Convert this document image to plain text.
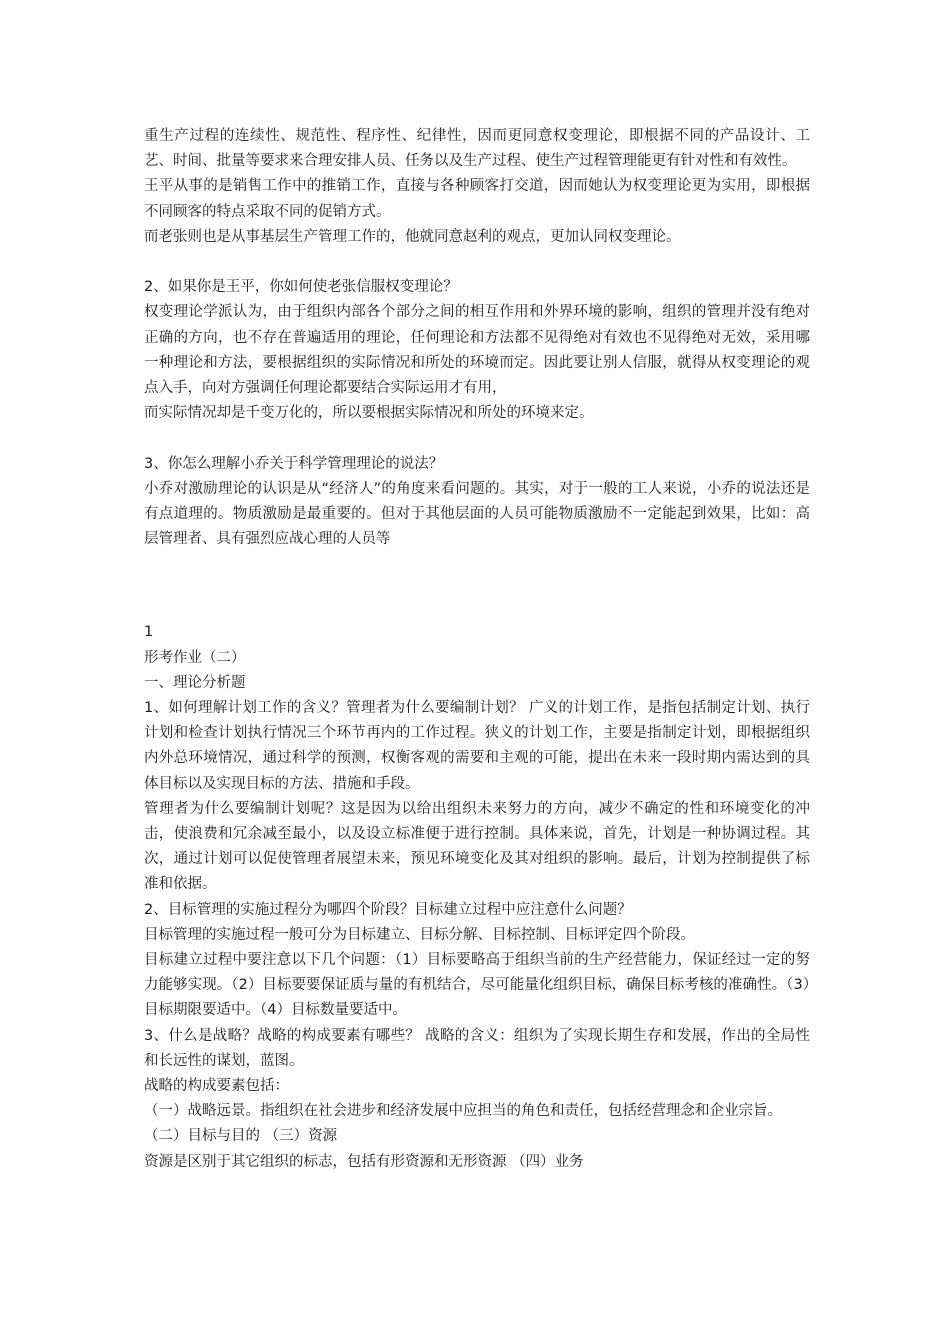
重生产过程的连续性、规范性、程序性、纪律性，因而更同意权变理论，即根据不同的产品设计、工艺、时间、批量等要求来合理安排人员、任务以及生产过程、使生产过程管理能更有针对性和有效性。

王平从事的是销售工作中的推销工作，直接与各种顾客打交道，因而她认为权变理论更为实用，即根据不同顾客的特点采取不同的促销方式。

而老张则也是从事基层生产管理工作的，他就同意赵利的观点，更加认同权变理论。

2、如果你是王平，你如何使老张信服权变理论？

权变理论学派认为，由于组织内部各个部分之间的相互作用和外界环境的影响，组织的管理并没有绝对正确的方向，也不存在普遍适用的理论，任何理论和方法都不见得绝对有效也不见得绝对无效，采用哪一种理论和方法，要根据组织的实际情况和所处的环境而定。因此要让别人信服，就得从权变理论的观点入手，向对方强调任何理论都要结合实际运用才有用，

而实际情况却是千变万化的，所以要根据实际情况和所处的环境来定。

3、你怎么理解小乔关于科学管理理论的说法？

小乔对激励理论的认识是从“经济人”的角度来看问题的。其实，对于一般的工人来说，小乔的说法还是有点道理的。物质激励是最重要的。但对于其他层面的人员可能物质激励不一定能起到效果，比如：高层管理者、具有强烈应战心理的人员等

1

形考作业（二）

一、理论分析题

1、如何理解计划工作的含义？管理者为什么要编制计划？ 广义的计划工作，是指包括制定计划、执行计划和检查计划执行情况三个环节再内的工作过程。狭义的计划工作，主要是指制定计划，即根据组织内外总环境情况，通过科学的预测，权衡客观的需要和主观的可能，提出在未来一段时期内需达到的具体目标以及实现目标的方法、措施和手段。

管理者为什么要编制计划呢？这是因为以给出组织未来努力的方向，减少不确定的性和环境变化的冲击，使浪费和冗余减至最小，以及设立标准便于进行控制。具体来说，首先，计划是一种协调过程。其次，通过计划可以促使管理者展望未来，预见环境变化及其对组织的影响。最后，计划为控制提供了标准和依据。

2、目标管理的实施过程分为哪四个阶段？目标建立过程中应注意什么问题？

目标管理的实施过程一般可分为目标建立、目标分解、目标控制、目标评定四个阶段。

目标建立过程中要注意以下几个问题：（1）目标要略高于组织当前的生产经营能力，保证经过一定的努力能够实现。（2）目标要要保证质与量的有机结合，尽可能量化组织目标，确保目标考核的准确性。（3）目标期限要适中。（4）目标数量要适中。

3、什么是战略？战略的构成要素有哪些？ 战略的含义：组织为了实现长期生存和发展，作出的全局性和长远性的谋划，蓝图。

战略的构成要素包括：

（一）战略远景。指组织在社会进步和经济发展中应担当的角色和责任，包括经营理念和企业宗旨。

（二）目标与目的 （三）资源

资源是区别于其它组织的标志，包括有形资源和无形资源 （四）业务
